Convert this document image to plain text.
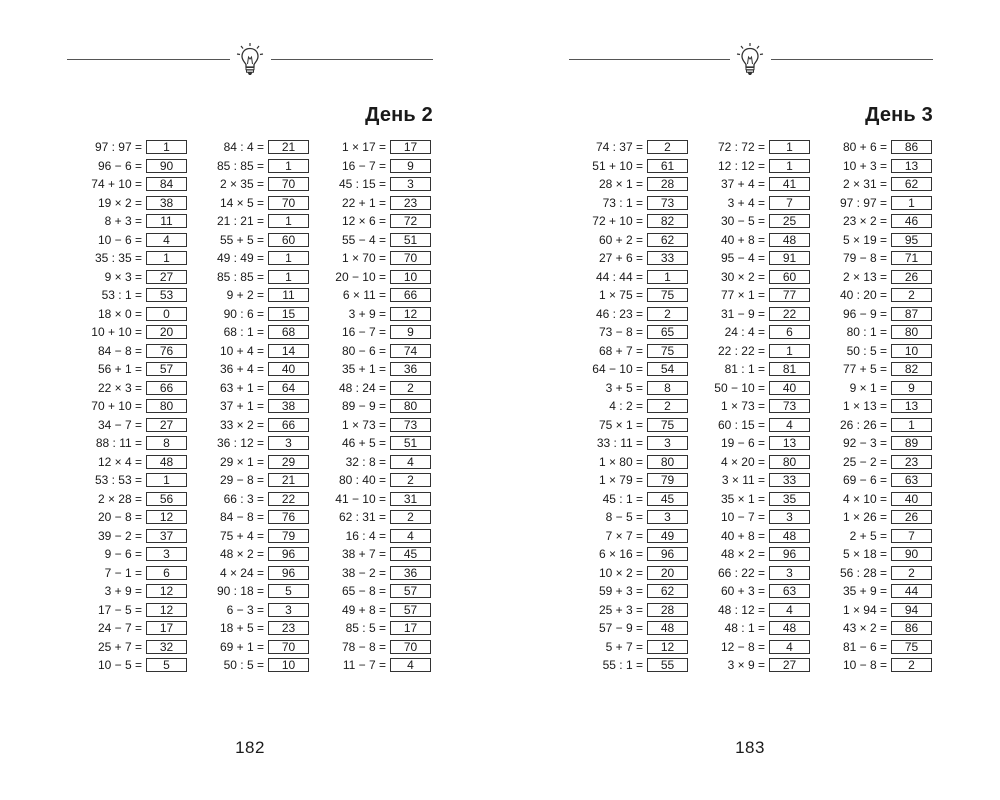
День 2
97 : 97 =	1
96 − 6 =	90
74 + 10 =	84
19 × 2 =	38
8 + 3 =	11
10 − 6 =	4
35 : 35 =	1
9 × 3 =	27
53 : 1 =	53
18 × 0 =	0
10 + 10 =	20
84 − 8 =	76
56 + 1 =	57
22 × 3 =	66
70 + 10 =	80
34 − 7 =	27
88 : 11 =	8
12 × 4 =	48
53 : 53 =	1
2 × 28 =	56
20 − 8 =	12
39 − 2 =	37
9 − 6 =	3
7 − 1 =	6
3 + 9 =	12
17 − 5 =	12
24 − 7 =	17
25 + 7 =	32
10 − 5 =	5
84 : 4 =	21
85 : 85 =	1
2 × 35 =	70
14 × 5 =	70
21 : 21 =	1
55 + 5 =	60
49 : 49 =	1
85 : 85 =	1
9 + 2 =	11
90 : 6 =	15
68 : 1 =	68
10 + 4 =	14
36 + 4 =	40
63 + 1 =	64
37 + 1 =	38
33 × 2 =	66
36 : 12 =	3
29 × 1 =	29
29 − 8 =	21
66 : 3 =	22
84 − 8 =	76
75 + 4 =	79
48 × 2 =	96
4 × 24 =	96
90 : 18 =	5
6 − 3 =	3
18 + 5 =	23
69 + 1 =	70
50 : 5 =	10
1 × 17 =	17
16 − 7 =	9
45 : 15 =	3
22 + 1 =	23
12 × 6 =	72
55 − 4 =	51
1 × 70 =	70
20 − 10 =	10
6 × 11 =	66
3 + 9 =	12
16 − 7 =	9
80 − 6 =	74
35 + 1 =	36
48 : 24 =	2
89 − 9 =	80
1 × 73 =	73
46 + 5 =	51
32 : 8 =	4
80 : 40 =	2
41 − 10 =	31
62 : 31 =	2
16 : 4 =	4
38 + 7 =	45
38 − 2 =	36
65 − 8 =	57
49 + 8 =	57
85 : 5 =	17
78 − 8 =	70
11 − 7 =	4
182
День 3
74 : 37 =	2
51 + 10 =	61
28 × 1 =	28
73 : 1 =	73
72 + 10 =	82
60 + 2 =	62
27 + 6 =	33
44 : 44 =	1
1 × 75 =	75
46 : 23 =	2
73 − 8 =	65
68 + 7 =	75
64 − 10 =	54
3 + 5 =	8
4 : 2 =	2
75 × 1 =	75
33 : 11 =	3
1 × 80 =	80
1 × 79 =	79
45 : 1 =	45
8 − 5 =	3
7 × 7 =	49
6 × 16 =	96
10 × 2 =	20
59 + 3 =	62
25 + 3 =	28
57 − 9 =	48
5 + 7 =	12
55 : 1 =	55
72 : 72 =	1
12 : 12 =	1
37 + 4 =	41
3 + 4 =	7
30 − 5 =	25
40 + 8 =	48
95 − 4 =	91
30 × 2 =	60
77 × 1 =	77
31 − 9 =	22
24 : 4 =	6
22 : 22 =	1
81 : 1 =	81
50 − 10 =	40
1 × 73 =	73
60 : 15 =	4
19 − 6 =	13
4 × 20 =	80
3 × 11 =	33
35 × 1 =	35
10 − 7 =	3
40 + 8 =	48
48 × 2 =	96
66 : 22 =	3
60 + 3 =	63
48 : 12 =	4
48 : 1 =	48
12 − 8 =	4
3 × 9 =	27
80 + 6 =	86
10 + 3 =	13
2 × 31 =	62
97 : 97 =	1
23 × 2 =	46
5 × 19 =	95
79 − 8 =	71
2 × 13 =	26
40 : 20 =	2
96 − 9 =	87
80 : 1 =	80
50 : 5 =	10
77 + 5 =	82
9 × 1 =	9
1 × 13 =	13
26 : 26 =	1
92 − 3 =	89
25 − 2 =	23
69 − 6 =	63
4 × 10 =	40
1 × 26 =	26
2 + 5 =	7
5 × 18 =	90
56 : 28 =	2
35 + 9 =	44
1 × 94 =	94
43 × 2 =	86
81 − 6 =	75
10 − 8 =	2
183
